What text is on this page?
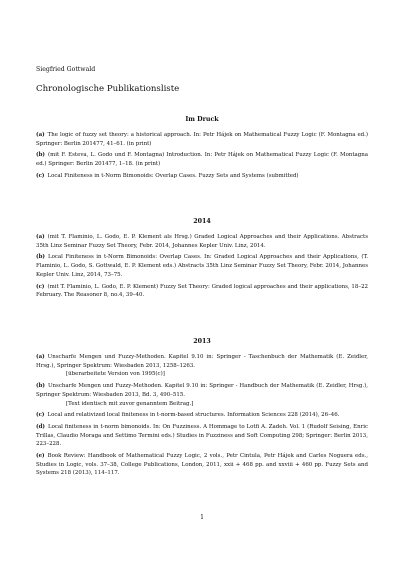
Siegfried Gottwald
Chronologische Publikationsliste
Im Druck
(a) The logic of fuzzy set theory: a historical approach. In: Petr Hájek on Mathematical Fuzzy Logic (F. Montagna ed.) Springer: Berlin 201477, 41–61. (in print)
(b) (mit F. Esteva, L. Godo und F. Montagna) Introduction. In: Petr Hájek on Mathematical Fuzzy Logic (F. Montagna ed.) Springer: Berlin 201477, 1–18. (in print)
(c) Local Finiteness in t-Norm Bimonoids: Overlap Cases. Fuzzy Sets and Systems (submitted)
2014
(a) (mit T. Flaminio, L. Godo, E. P. Klement als Hrsg.) Graded Logical Approaches and their Applications. Abstracts 35th Linz Seminar Fuzzy Set Theory, Febr. 2014, Johannes Kepler Univ. Linz, 2014.
(b) Local Finiteness in t-Norm Bimonoids: Overlap Cases. In: Graded Logical Approaches and their Applications, (T. Flaminio, L. Godo, S. Gottwald, E. P. Klement eds.) Abstracts 35th Linz Seminar Fuzzy Set Theory, Febr. 2014, Johannes Kepler Univ. Linz, 2014, 73–75.
(c) (mit T. Flaminio, L. Godo, E. P. Klement) Fuzzy Set Theory: Graded logical approaches and their applications, 18–22 February. The Reasoner 8, no.4, 39–40.
2013
(a) Unscharfe Mengen und Fuzzy-Methoden. Kapitel 9.10 in: Springer - Taschenbuch der Mathematik (E. Zeidler, Hrsg.), Springer Spektrum: Wiesbaden 2013, 1258–1263.
[überarbeitete Version von 1995(c)]
(b) Unscharfe Mengen und Fuzzy-Methoden. Kapitel 9.10 in: Springer - Handbuch der Mathematik (E. Zeidler, Hrsg.), Springer Spektrum: Wiesbaden 2013, Bd. 3, 490–515.
[Text identisch mit zuvor genanntem Beitrag.]
(c) Local and relativized local finiteness in t-norm-based structures. Information Sciences 228 (2014), 26–46.
(d) Local finiteness in t-norm bimonoids. In: On Fuzziness. A Hommage to Lotfi A. Zadeh. Vol. 1 (Rudolf Seising, Enric Trillas, Claudio Moraga and Settimo Termini eds.) Studies in Fuzziness and Soft Computing 298; Springer: Berlin 2013, 223–228.
(e) Book Review: Handbook of Mathematical Fuzzy Logic, 2 vols., Petr Cintula, Petr Hájek and Carles Noguera eds., Studies in Logic, vols. 37–38, College Publications, London, 2011, xxii + 468 pp. and xxviii + 460 pp. Fuzzy Sets and Systems 218 (2013), 114–117.
1
